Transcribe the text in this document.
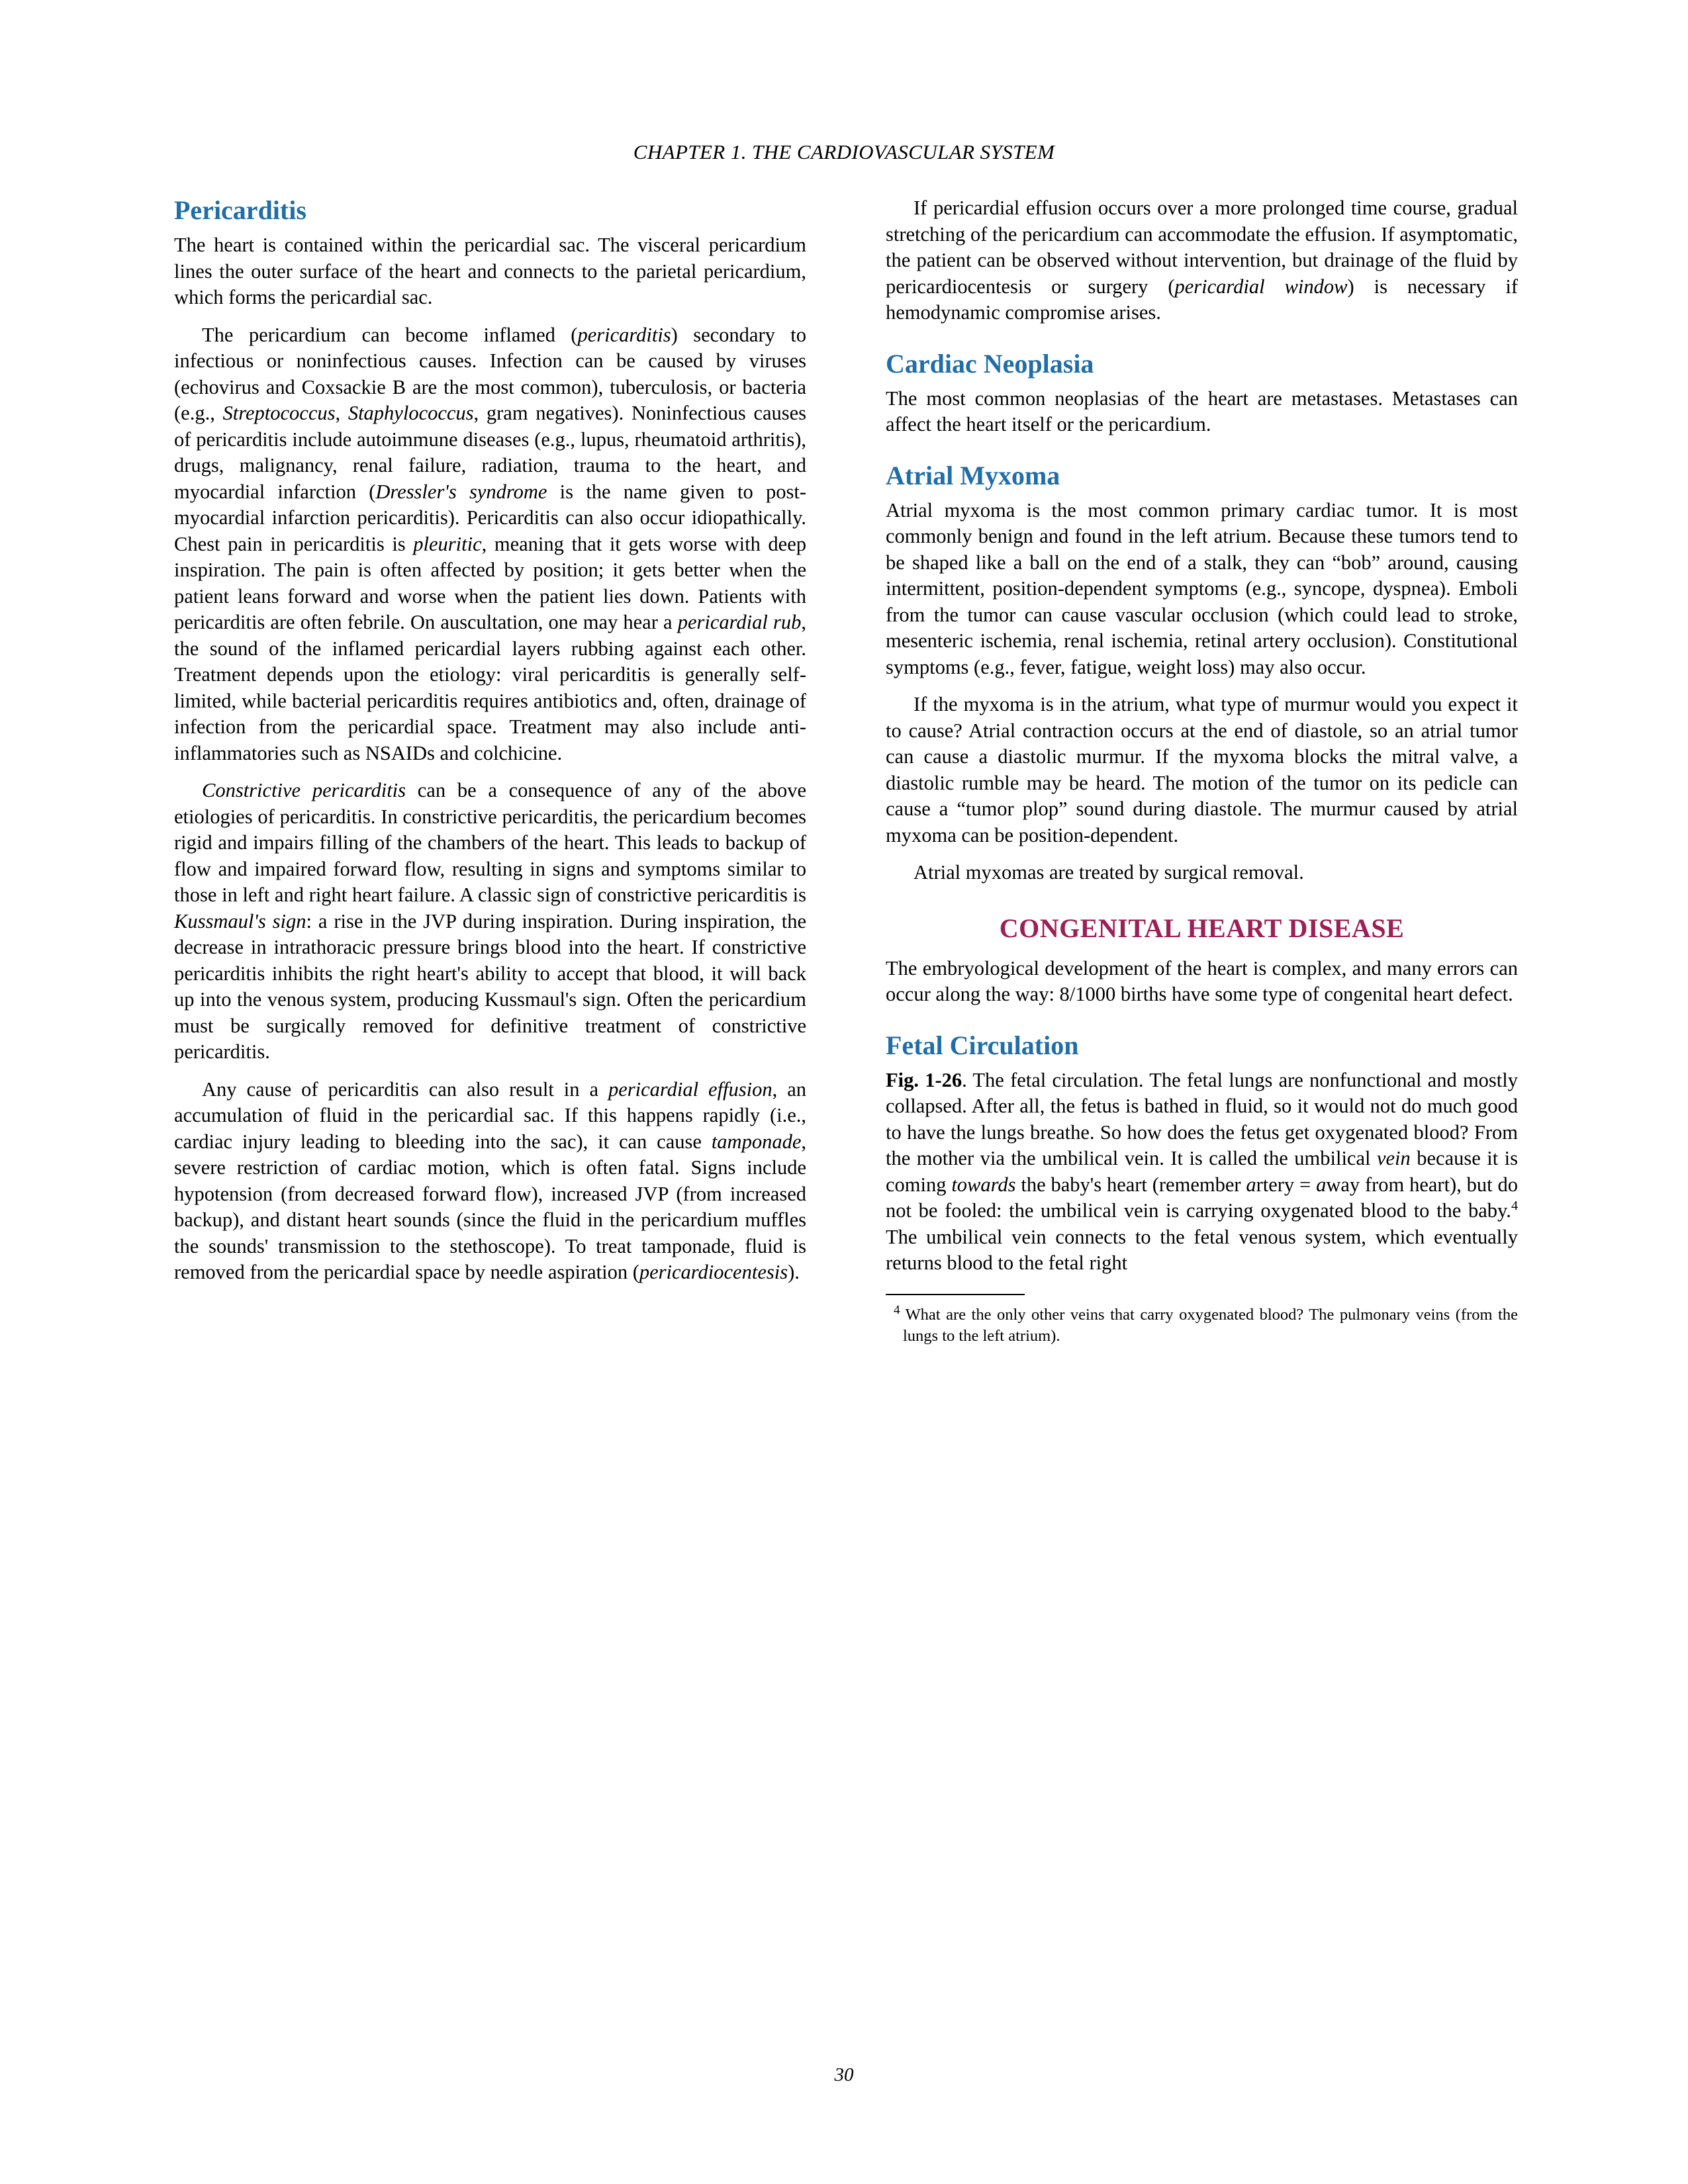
CHAPTER 1. THE CARDIOVASCULAR SYSTEM
Pericarditis

The heart is contained within the pericardial sac. The visceral pericardium lines the outer surface of the heart and connects to the parietal pericardium, which forms the pericardial sac.

The pericardium can become inflamed (pericarditis) secondary to infectious or noninfectious causes. Infection can be caused by viruses (echovirus and Coxsackie B are the most common), tuberculosis, or bacteria (e.g., Streptococcus, Staphylococcus, gram negatives). Noninfectious causes of pericarditis include autoimmune diseases (e.g., lupus, rheumatoid arthritis), drugs, malignancy, renal failure, radiation, trauma to the heart, and myocardial infarction (Dressler's syndrome is the name given to post-myocardial infarction pericarditis). Pericarditis can also occur idiopathically. Chest pain in pericarditis is pleuritic, meaning that it gets worse with deep inspiration. The pain is often affected by position; it gets better when the patient leans forward and worse when the patient lies down. Patients with pericarditis are often febrile. On auscultation, one may hear a pericardial rub, the sound of the inflamed pericardial layers rubbing against each other. Treatment depends upon the etiology: viral pericarditis is generally self-limited, while bacterial pericarditis requires antibiotics and, often, drainage of infection from the pericardial space. Treatment may also include anti-inflammatories such as NSAIDs and colchicine.

Constrictive pericarditis can be a consequence of any of the above etiologies of pericarditis. In constrictive pericarditis, the pericardium becomes rigid and impairs filling of the chambers of the heart. This leads to backup of flow and impaired forward flow, resulting in signs and symptoms similar to those in left and right heart failure. A classic sign of constrictive pericarditis is Kussmaul's sign: a rise in the JVP during inspiration. During inspiration, the decrease in intrathoracic pressure brings blood into the heart. If constrictive pericarditis inhibits the right heart's ability to accept that blood, it will back up into the venous system, producing Kussmaul's sign. Often the pericardium must be surgically removed for definitive treatment of constrictive pericarditis.

Any cause of pericarditis can also result in a pericardial effusion, an accumulation of fluid in the pericardial sac. If this happens rapidly (i.e., cardiac injury leading to bleeding into the sac), it can cause tamponade, severe restriction of cardiac motion, which is often fatal. Signs include hypotension (from decreased forward flow), increased JVP (from increased backup), and distant heart sounds (since the fluid in the pericardium muffles the sounds' transmission to the stethoscope). To treat tamponade, fluid is removed from the pericardial space by needle aspiration (pericardiocentesis).

If pericardial effusion occurs over a more prolonged time course, gradual stretching of the pericardium can accommodate the effusion. If asymptomatic, the patient can be observed without intervention, but drainage of the fluid by pericardiocentesis or surgery (pericardial window) is necessary if hemodynamic compromise arises.

Cardiac Neoplasia

The most common neoplasias of the heart are metastases. Metastases can affect the heart itself or the pericardium.

Atrial Myxoma

Atrial myxoma is the most common primary cardiac tumor. It is most commonly benign and found in the left atrium. Because these tumors tend to be shaped like a ball on the end of a stalk, they can “bob” around, causing intermittent, position-dependent symptoms (e.g., syncope, dyspnea). Emboli from the tumor can cause vascular occlusion (which could lead to stroke, mesenteric ischemia, renal ischemia, retinal artery occlusion). Constitutional symptoms (e.g., fever, fatigue, weight loss) may also occur.

If the myxoma is in the atrium, what type of murmur would you expect it to cause? Atrial contraction occurs at the end of diastole, so an atrial tumor can cause a diastolic murmur. If the myxoma blocks the mitral valve, a diastolic rumble may be heard. The motion of the tumor on its pedicle can cause a “tumor plop” sound during diastole. The murmur caused by atrial myxoma can be position-dependent.

Atrial myxomas are treated by surgical removal.

CONGENITAL HEART DISEASE

The embryological development of the heart is complex, and many errors can occur along the way: 8/1000 births have some type of congenital heart defect.

Fetal Circulation

Fig. 1-26. The fetal circulation. The fetal lungs are nonfunctional and mostly collapsed. After all, the fetus is bathed in fluid, so it would not do much good to have the lungs breathe. So how does the fetus get oxygenated blood? From the mother via the umbilical vein. It is called the umbilical vein because it is coming towards the baby's heart (remember artery = away from heart), but do not be fooled: the umbilical vein is carrying oxygenated blood to the baby.$^4$ The umbilical vein connects to the fetal venous system, which eventually returns blood to the fetal right

$^4$ What are the only other veins that carry oxygenated blood? The pulmonary veins (from the lungs to the left atrium).
30
